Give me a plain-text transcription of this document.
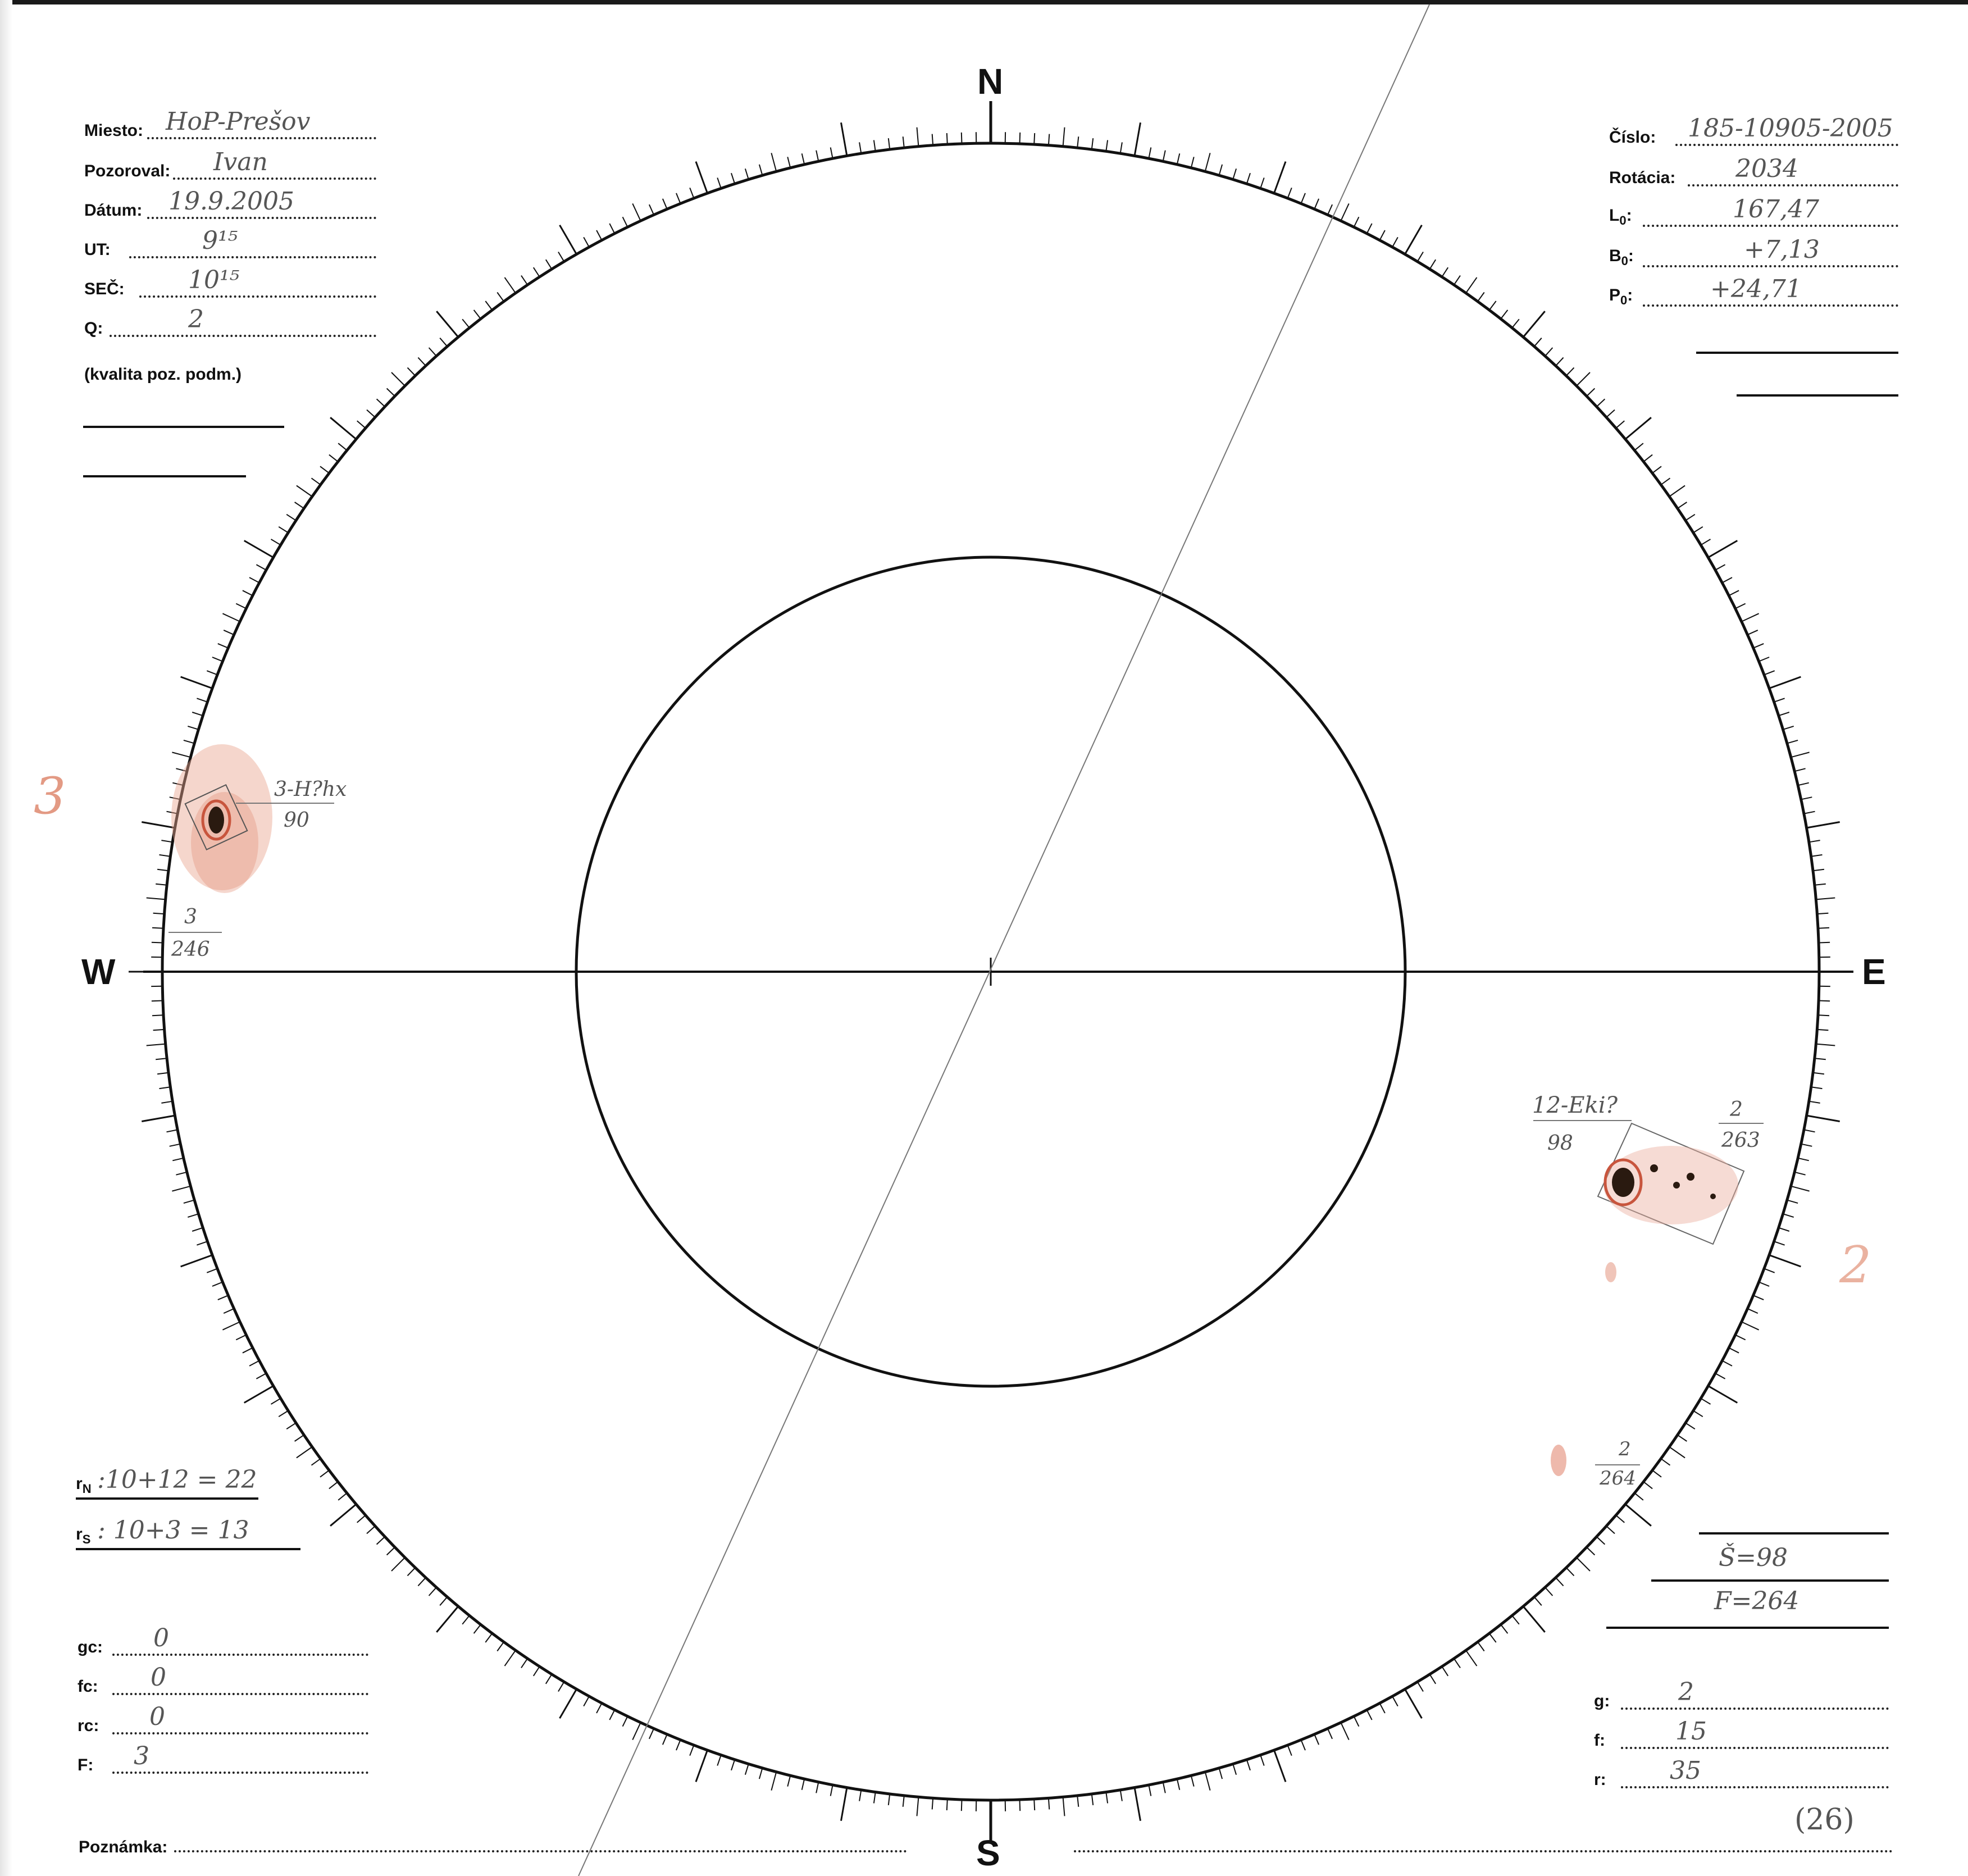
N
S
W	E
Miesto: HoP-Prešov
Pozoroval: Ivan
Dátum: 19.9.2005
UT:	9¹⁵
SEČ:	10¹⁵
Q:	2
(kvalita poz. podm.)
Číslo: 185-10905-2005
Rotácia: 2034
$L_0$:	167,47
$B_0$:	+7,13
$P_0$:	+24,71
3-H?hx
90
3
246
12-Eki?
98
2
263
2
264
3
2
$r_N$ :10+12 = 22
$r_S$ : 10+3 = 13
gc: 0
fc: 0
rc: 0
F: 3
Š=98
F=264
g:	2
f:	15
r:	35
(26)
Poznámka:
